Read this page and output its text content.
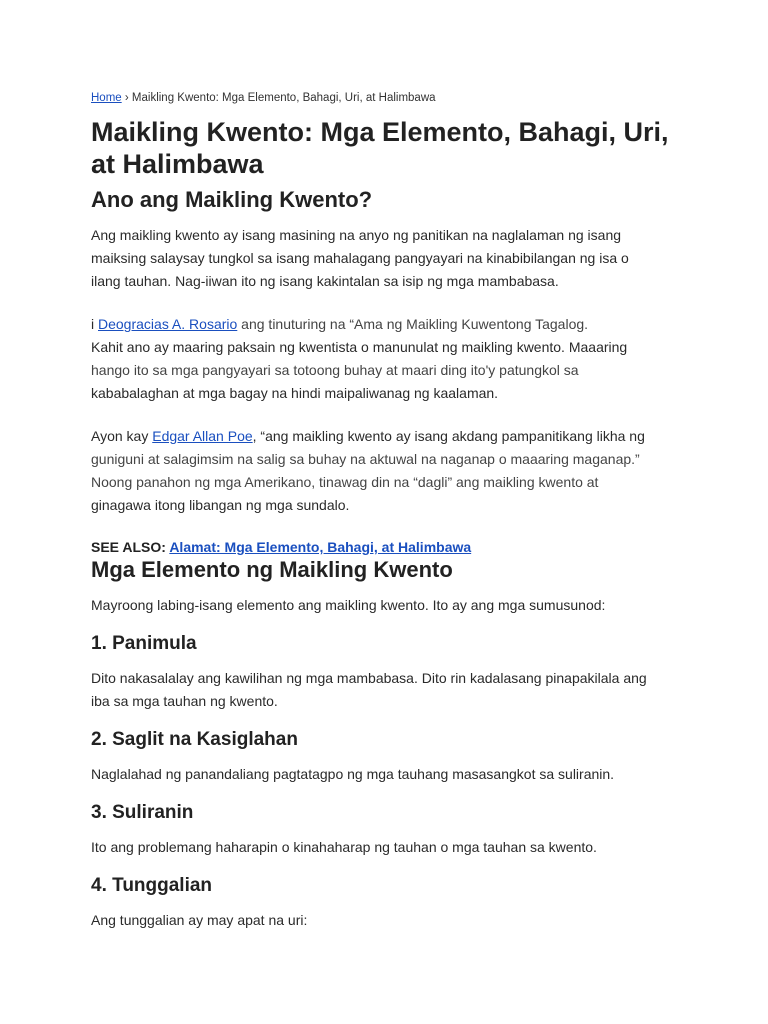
Home › Maikling Kwento: Mga Elemento, Bahagi, Uri, at Halimbawa
Maikling Kwento: Mga Elemento, Bahagi, Uri, at Halimbawa
Ano ang Maikling Kwento?

Ang maikling kwento ay isang masining na anyo ng panitikan na naglalaman ng isang
maiksing salaysay tungkol sa isang mahalagang pangyayari na kinabibilangan ng isa o
ilang tauhan. Nag-iiwan ito ng isang kakintalan sa isip ng mga mambabasa.

i Deogracias A. Rosario ang tinuturing na “Ama ng Maikling Kuwentong Tagalog.
Kahit ano ay maaring paksain ng kwentista o manunulat ng maikling kwento. Maaaring
hango ito sa mga pangyayari sa totoong buhay at maari ding ito'y patungkol sa
kababalaghan at mga bagay na hindi maipaliwanag ng kaalaman.

Ayon kay Edgar Allan Poe, “ang maikling kwento ay isang akdang pampanitikang likha ng
guniguni at salagimsim na salig sa buhay na aktuwal na naganap o maaaring maganap.”
Noong panahon ng mga Amerikano, tinawag din na “dagli” ang maikling kwento at
ginagawa itong libangan ng mga sundalo.

SEE ALSO: Alamat: Mga Elemento, Bahagi, at Halimbawa
Mga Elemento ng Maikling Kwento

Mayroong labing-isang elemento ang maikling kwento. Ito ay ang mga sumusunod:

1. Panimula

Dito nakasalalay ang kawilihan ng mga mambabasa. Dito rin kadalasang pinapakilala ang
iba sa mga tauhan ng kwento.

2. Saglit na Kasiglahan

Naglalahad ng panandaliang pagtatagpo ng mga tauhang masasangkot sa suliranin.

3. Suliranin

Ito ang problemang haharapin o kinahaharap ng tauhan o mga tauhan sa kwento.

4. Tunggalian

Ang tunggalian ay may apat na uri:
